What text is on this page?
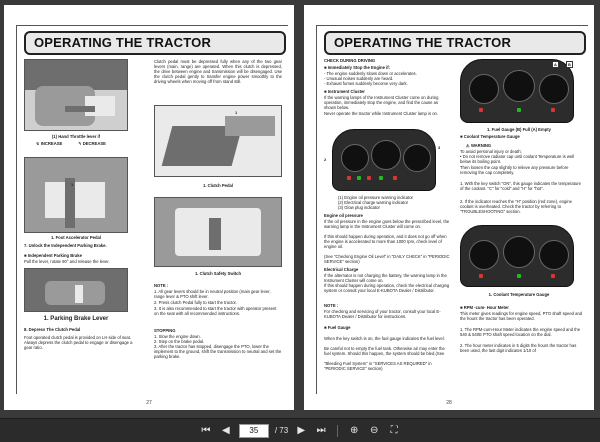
OPERATING THE TRACTOR
Clutch pedal must be depressed fully when any of the two gear levers (main, range) are operated. When this clutch is depressed, the drive between engine and transmission will be disengaged. Use the clutch pedal gently to transfer engine power smoothly to the driving wheels when moving off from stand still.
(1) Hand Throttle lever if
↯ INCREASE	↰ DECREASE
1
1. Clutch Pedal
1
1. Foot Accelerator Pedal
7. Unlock the Independent Parking Brake.
■ Independent Parking Brake
Pull the lever, rotate 90° and release the lever.
1. Clutch Safety Switch
1. Parking Brake Lever
8. Depress The Clutch Pedal
Foot operated clutch pedal is provided on LH side of seat. Always depress the clutch pedal to engage or disengage a gear ratio.
NOTE :
1. All gear levers should be in neutral position (main gear lever, range lever & PTO shift lever.
2. Press clutch Pedal fully to start the tractor.
3. It is also recommended to start the tractor with operator present on the seat with all recommended instructions.
STOPPING
1. Slow the engine down.
2. Step on the brake pedal.
3. After the tractor has stopped, disengage the PTO, lower the implement to the ground, shift the transmission to neutral and set the parking brake.
27
OPERATING THE TRACTOR
CHECK DURING DRIVING
■ Immediately Stop the Engine if:
- The engine suddenly slows down or accelerates.
- Unusual noises suddenly are heard.
- Exhaust fumes suddenly become very dark.
■ Instrument Cluster
If the warning lamps of the Instrument Cluster come on during operation, immediately stop the engine, and find the cause as shown below.
Never operate the tractor while Instrument Cluster lamp is on.
2
3
1
(1) Engine oil pressure warning indicator
(2) Electrical charge warning indicator
(3) Glow plug indicator
Engine oil pressure
If the oil pressure in the engine goes below the prescribed level, the warning lamp in the Instrument Cluster will come on.
If this should happen during operation, and it does not go off when the engine is accelerated to more than 1000 rpm, check level of engine oil.
(See "Checking Engine Oil Level" in "DAILY CHECK" in "PERIODIC SERVICE" section)
Electrical Charge
If the alternator is not charging the battery, the warning lamp in the Instrument Cluster will come on.
If this should happen during operation, check the electrical charging system or consult your local E-KUBOTA Dealer / Distributor.
NOTE :
For checking and servicing of your tractor, consult your local E-KUBOTA Dealer / Distributor for instructions.
■ Fuel Gauge
When the key switch is on, the fuel gauge indicates the fuel level.
Be careful not to empty the fuel tank. Otherwise air may enter the fuel system. Should this happen, the system should be bled.(See
"Bleeding Fuel System" in "SERVICES AS REQUIRED" in "PERIODIC SERVICE" section)
A	B
1. Fuel Gauge (B) Full (A) Empty
■ Coolant Temperature Gauge
⚠ WARNING
To avoid personal injury or death:
• Do not remove radiator cap until coolant Temperature is well below its boiling point.
Then loosen the cap slightly to relieve any pressure before removing the cap completely.
1. With the key switch "ON", this gauge indicates the temperature of the coolant. "C" for "cold" and "H" for "hot".
2. If the indicator reaches the "H" position (red zone), engine coolant is overheated. Check the tractor by referring to "TROUBLESHOOTING" section.
1. Coolant Temperature Gauge
■ RPM -cum- Hour Meter
This meter gives readings for engine speed, PTO shaft speed and the hours the tractor has been operated.
1. The RPM-cum-Hour Meter indicates the engine speed and the 540 & 540E PTO shaft speed location on the dial.
2. The hour meter indicates in 5 digits the hours the tractor has been used, the last digit indicates 1/10 of
28
⏮	◀	35	/ 73 ▶	⏭ ⊕ ⊖	⛶
